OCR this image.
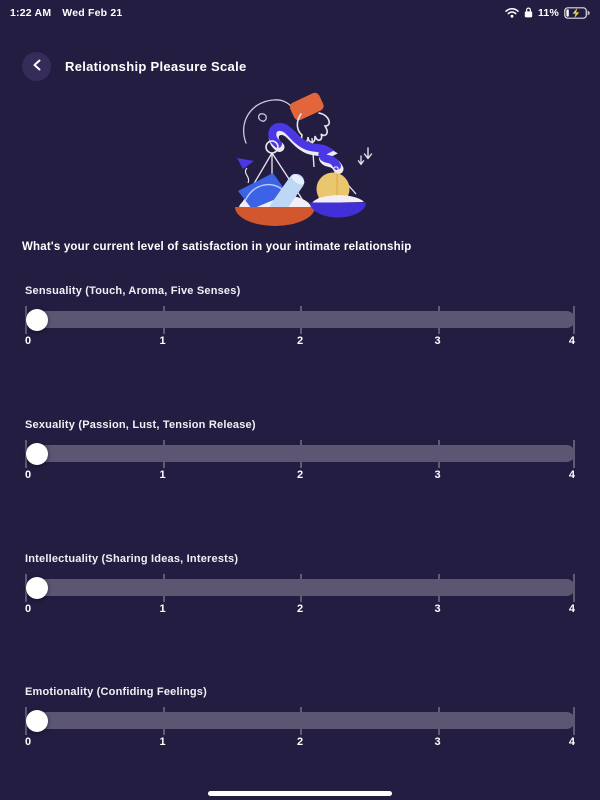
1:22 AM Wed Feb 21	11%
Relationship Pleasure Scale
What's your current level of satisfaction in your intimate relationship
Sensuality (Touch, Aroma, Five Senses)
0	1	2	3	4
Sexuality (Passion, Lust, Tension Release)
0	1	2	3	4
Intellectuality (Sharing Ideas, Interests)
0	1	2	3	4
Emotionality (Confiding Feelings)
0	1	2	3	4
